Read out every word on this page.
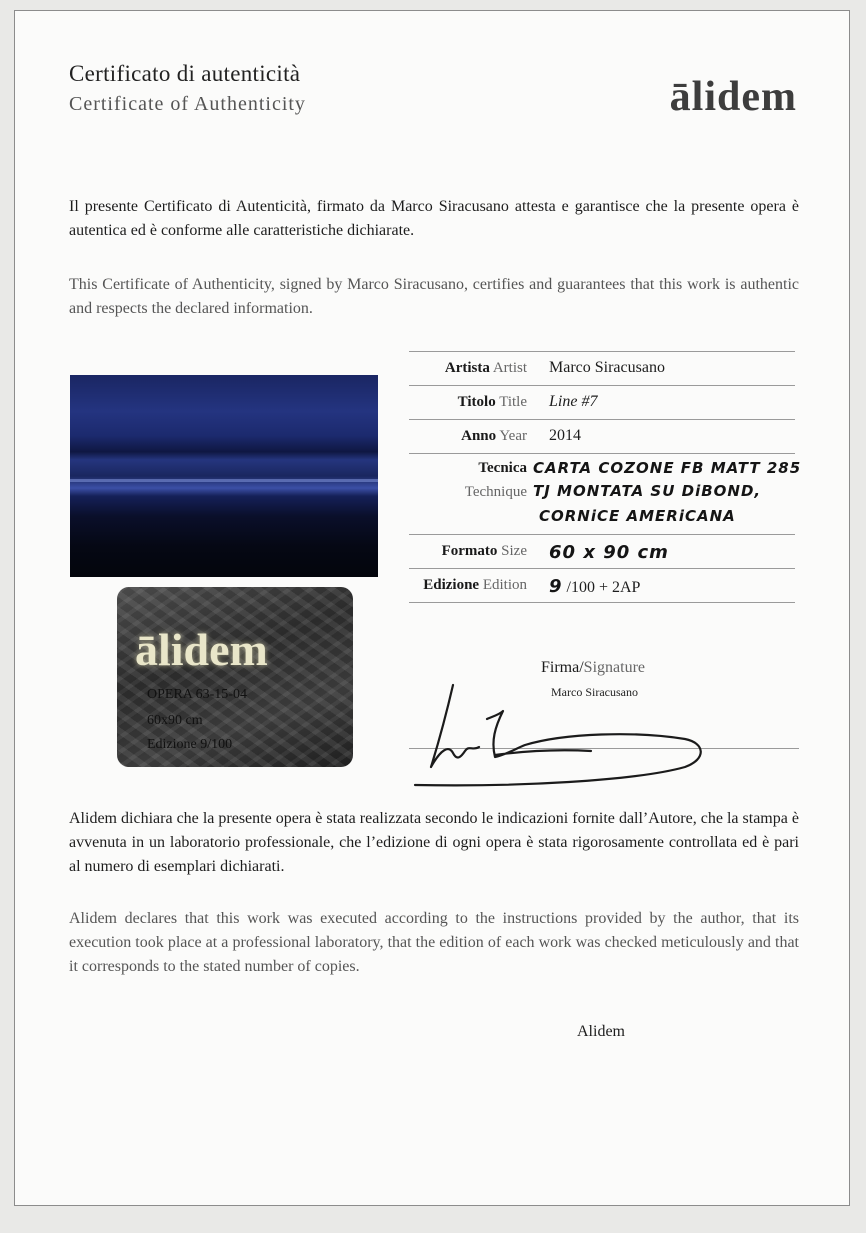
Certificato di autenticità
Certificate of Authenticity	ālidem
Il presente Certificato di Autenticità, firmato da Marco Siracusano attesta e garantisce che la presente opera è autentica ed è conforme alle caratteristiche dichiarate.
This Certificate of Authenticity, signed by Marco Siracusano, certifies and guarantees that this work is authentic and respects the declared information.
ālidem
OPERA 63-15-04
60x90 cm
Edizione 9/100
Artista Artist Marco Siracusano
Titolo Title Line #7
Anno Year 2014
Tecnica
Technique
CARTA COZONE FB MATT 285
TJ MONTATA SU DiBOND,
CORNiCE AMERiCANA
Formato Size 60 x 90 cm
Edizione Edition 9 /100 + 2AP
Firma/Signature
Marco Siracusano
Alidem dichiara che la presente opera è stata realizzata secondo le indicazioni fornite dall’Autore, che la stampa è avvenuta in un laboratorio professionale, che l’edizione di ogni opera è stata rigorosamente controllata ed è pari al numero di esemplari dichiarati.
Alidem declares that this work was executed according to the instructions provided by the author, that its execution took place at a professional laboratory, that the edition of each work was checked meticulously and that it corresponds to the stated number of copies.
Alidem
